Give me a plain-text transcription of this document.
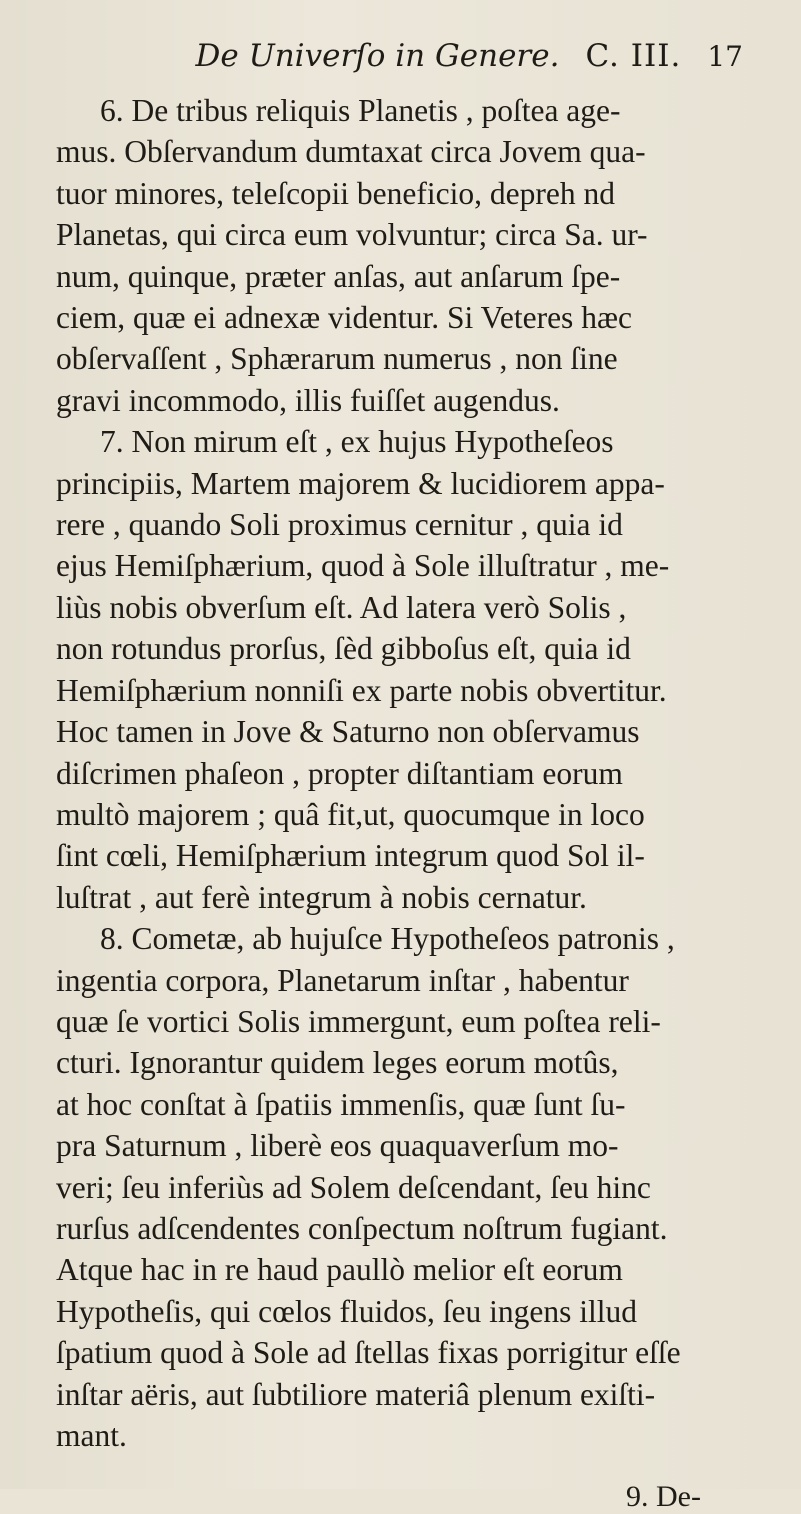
De Univerſo in Genere. C. III. 17

6. De tribus reliquis Planetis , poſtea age-
mus. Obſervandum dumtaxat circa Jovem qua-
tuor minores, teleſcopii beneficio, depreh nd
Planetas, qui circa eum volvuntur; circa Sa. ur-
num, quinque, præter anſas, aut anſarum ſpe-
ciem, quæ ei adnexæ videntur. Si Veteres hæc
obſervaſſent , Sphærarum numerus , non ſine
gravi incommodo, illis fuiſſet augendus.

7. Non mirum eſt , ex hujus Hypotheſeos
principiis, Martem majorem & lucidiorem appa-
rere , quando Soli proximus cernitur , quia id
ejus Hemiſphærium, quod à Sole illuſtratur , me-
liùs nobis obverſum eſt. Ad latera verò Solis ,
non rotundus prorſus, ſèd gibboſus eſt, quia id
Hemiſphærium nonniſi ex parte nobis obvertitur.
Hoc tamen in Jove & Saturno non obſervamus
diſcrimen phaſeon , propter diſtantiam eorum
multò majorem ; quâ fit,ut, quocumque in loco
ſint cœli, Hemiſphærium integrum quod Sol il-
luſtrat , aut ferè integrum à nobis cernatur.

8. Cometæ, ab hujuſce Hypotheſeos patronis ,
ingentia corpora, Planetarum inſtar , habentur
quæ ſe vortici Solis immergunt, eum poſtea reli-
cturi. Ignorantur quidem leges eorum motûs,
at hoc conſtat à ſpatiis immenſis, quæ ſunt ſu-
pra Saturnum , liberè eos quaquaverſum mo-
veri; ſeu inferiùs ad Solem deſcendant, ſeu hinc
rurſus adſcendentes conſpectum noſtrum fugiant.
Atque hac in re haud paullò melior eſt eorum
Hypotheſis, qui cœlos fluidos, ſeu ingens illud
ſpatium quod à Sole ad ſtellas fixas porrigitur eſſe
inſtar aëris, aut ſubtiliore materiâ plenum exiſti-
mant.

9. De-
